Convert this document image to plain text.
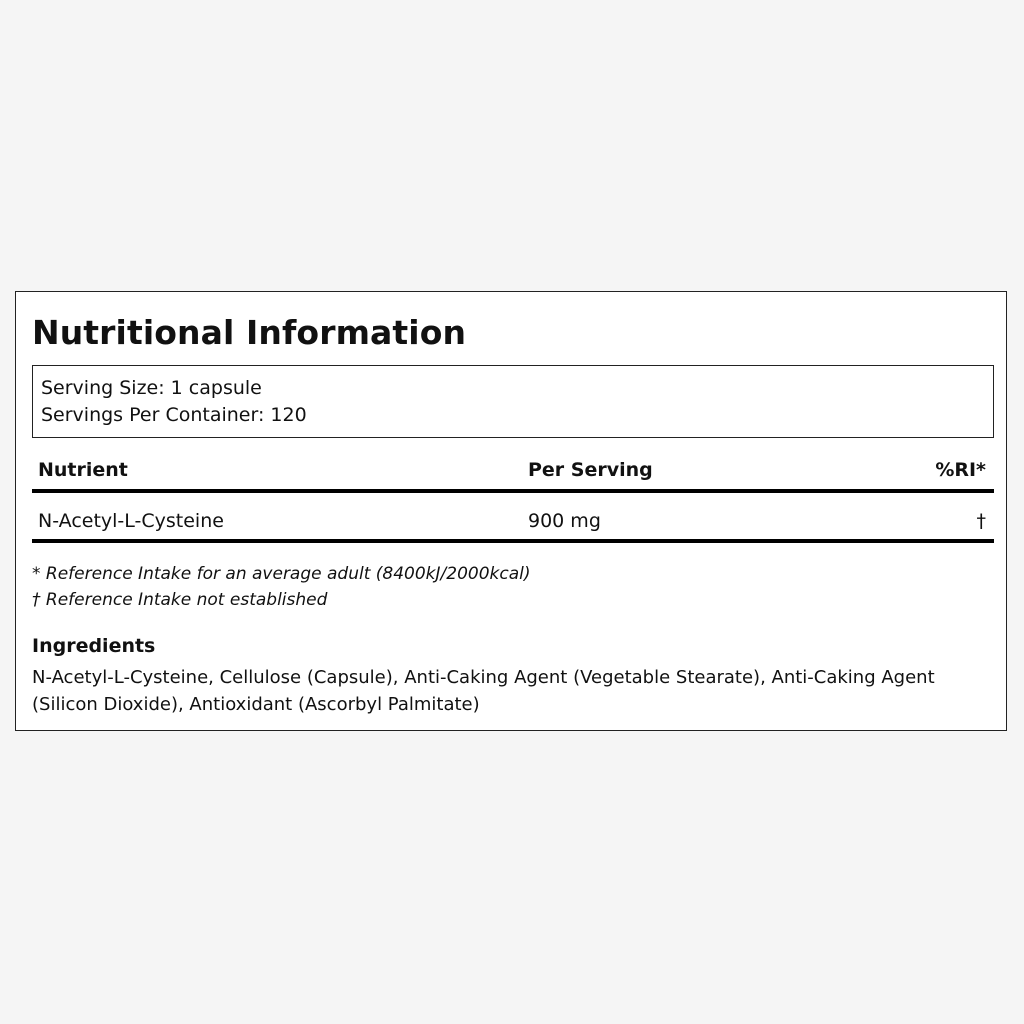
Nutritional Information
Serving Size: 1 capsule
Servings Per Container: 120
Nutrient	Per Serving	%RI*
N-Acetyl-L-Cysteine	900 mg	†
* Reference Intake for an average adult (8400kJ/2000kcal)
† Reference Intake not established
Ingredients
N-Acetyl-L-Cysteine, Cellulose (Capsule), Anti-Caking Agent (Vegetable Stearate), Anti-Caking Agent (Silicon Dioxide), Antioxidant (Ascorbyl Palmitate)
